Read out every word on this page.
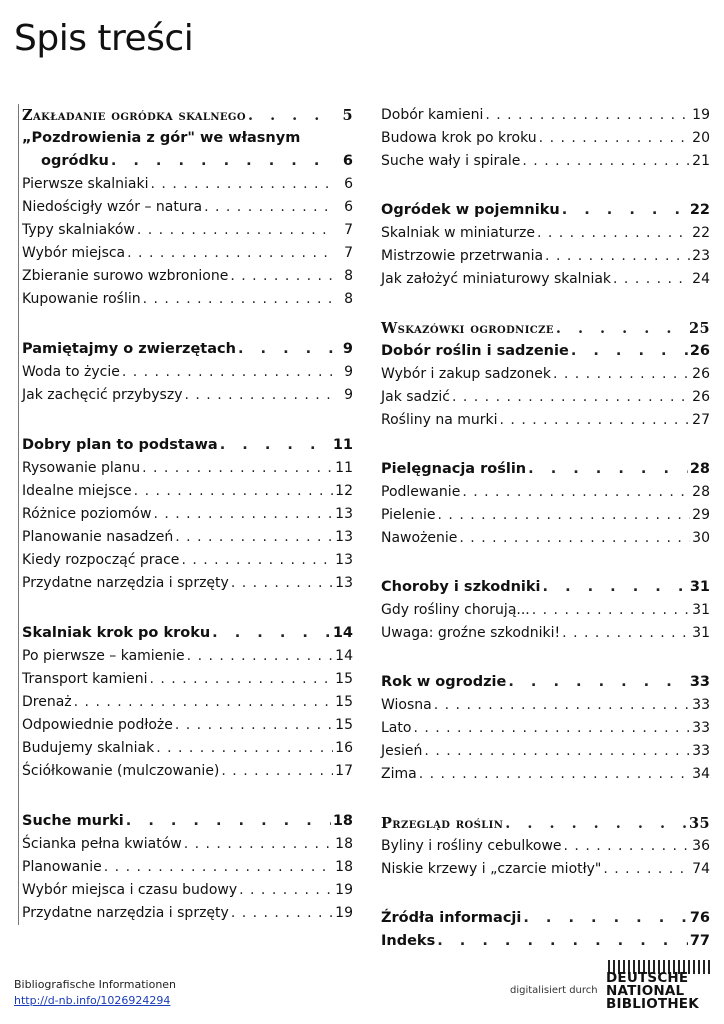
Spis treści
Zakładanie ogródka skalnego . . .	5
„Pozdrowienia z gór" we własnym
ogródku . . .	6
Pierwsze skalniaki . . .	6
Niedościgły wzór – natura . . .	6
Typy skalniaków . . .	7
Wybór miejsca . . .	7
Zbieranie surowo wzbronione . . .	8
Kupowanie roślin . . .	8
Pamiętajmy o zwierzętach . . .	9
Woda to życie . . .	9
Jak zachęcić przybyszy . . .	9
Dobry plan to podstawa . . .	11
Rysowanie planu . . .	11
Idealne miejsce . . .	12
Różnice poziomów . . .	13
Planowanie nasadzeń . . .	13
Kiedy rozpocząć prace . . .	13
Przydatne narzędzia i sprzęty . . .	13
Skalniak krok po kroku . . .	14
Po pierwsze – kamienie . . .	14
Transport kamieni . . .	15
Drenaż . . .	15
Odpowiednie podłoże . . .	15
Budujemy skalniak . . .	16
Ściółkowanie (mulczowanie) . . .	17
Suche murki . . .	18
Ścianka pełna kwiatów . . .	18
Planowanie . . .	18
Wybór miejsca i czasu budowy . . .	19
Przydatne narzędzia i sprzęty . . .	19
Dobór kamieni . . .	19
Budowa krok po kroku . . .	20
Suche wały i spirale . . .	21
Ogródek w pojemniku . . .	22
Skalniak w miniaturze . . .	22
Mistrzowie przetrwania . . .	23
Jak założyć miniaturowy skalniak . . .	24
Wskazówki ogrodnicze . . .	25
Dobór roślin i sadzenie . . .	26
Wybór i zakup sadzonek . . .	26
Jak sadzić . . .	26
Rośliny na murki . . .	27
Pielęgnacja roślin . . .	28
Podlewanie . . .	28
Pielenie . . .	29
Nawożenie . . .	30
Choroby i szkodniki . . .	31
Gdy rośliny chorują... . . .	31
Uwaga: groźne szkodniki! . . .	31
Rok w ogrodzie . . .	33
Wiosna . . .	33
Lato . . .	33
Jesień . . .	33
Zima . . .	34
Przegląd roślin . . .	35
Byliny i rośliny cebulkowe . . .	36
Niskie krzewy i „czarcie miotły" . . .	74
Źródła informacji . . .	76
Indeks . . .	77
Bibliografische Informationen
http://d-nb.info/1026924294
digitalisiert durch
DEUTSCHE
NATIONAL
BIBLIOTHEK
